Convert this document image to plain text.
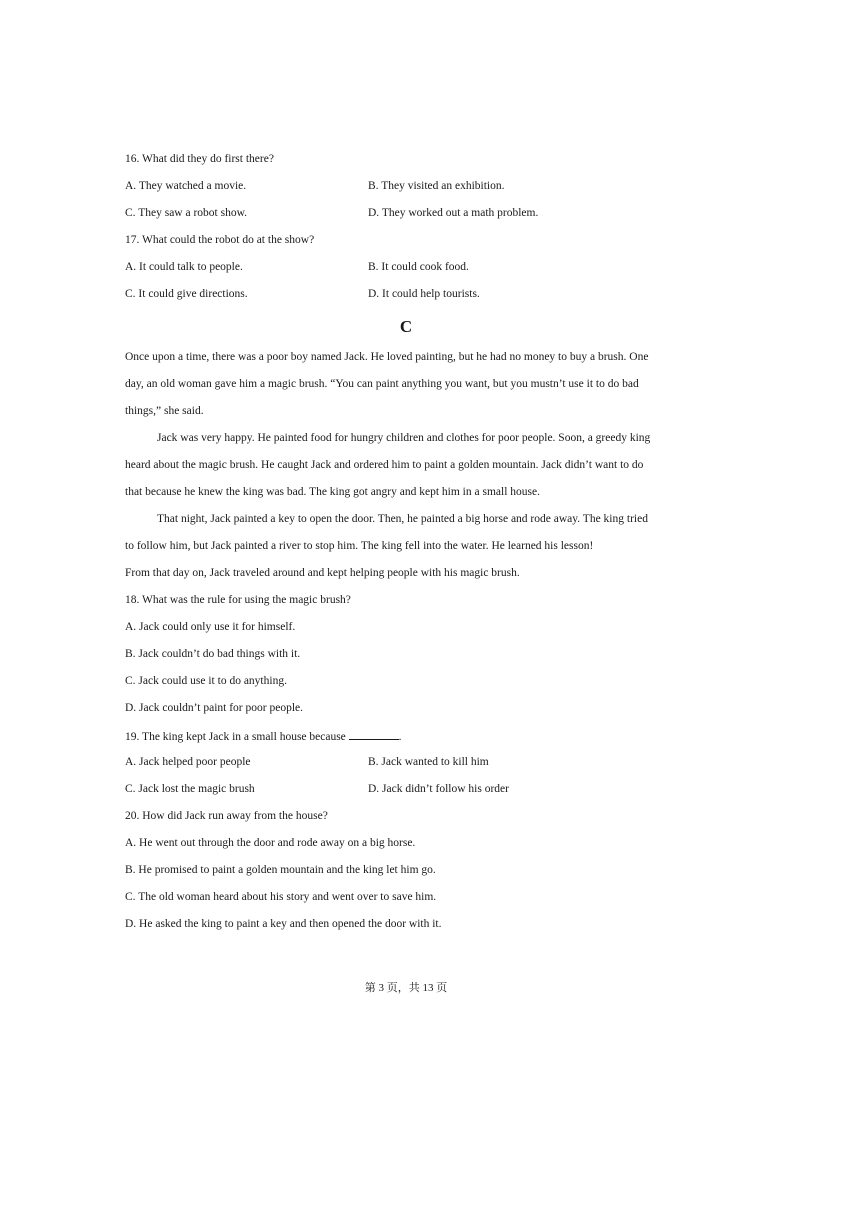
16. What did they do first there?
A. They watched a movie.	B. They visited an exhibition.
C. They saw a robot show.	D. They worked out a math problem.
17. What could the robot do at the show?
A. It could talk to people.	B. It could cook food.
C. It could give directions.	D. It could help tourists.
C
Once upon a time, there was a poor boy named Jack. He loved painting, but he had no money to buy a brush. One
day, an old woman gave him a magic brush. “You can paint anything you want, but you mustn’t use it to do bad
things,” she said.
Jack was very happy. He painted food for hungry children and clothes for poor people. Soon, a greedy king
heard about the magic brush. He caught Jack and ordered him to paint a golden mountain. Jack didn’t want to do
that because he knew the king was bad. The king got angry and kept him in a small house.
That night, Jack painted a key to open the door. Then, he painted a big horse and rode away. The king tried
to follow him, but Jack painted a river to stop him. The king fell into the water. He learned his lesson!
From that day on, Jack traveled around and kept helping people with his magic brush.
18. What was the rule for using the magic brush?
A. Jack could only use it for himself.
B. Jack couldn’t do bad things with it.
C. Jack could use it to do anything.
D. Jack couldn’t paint for poor people.
19. The king kept Jack in a small house because	.
A. Jack helped poor people	B. Jack wanted to kill him
C. Jack lost the magic brush	D. Jack didn’t follow his order
20. How did Jack run away from the house?
A. He went out through the door and rode away on a big horse.
B. He promised to paint a golden mountain and the king let him go.
C. The old woman heard about his story and went over to save him.
D. He asked the king to paint a key and then opened the door with it.
第 3 页，共 13 页
